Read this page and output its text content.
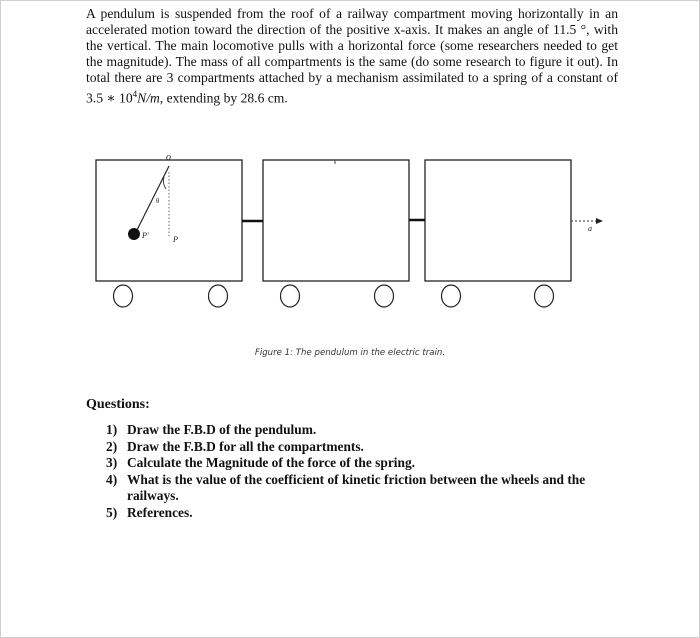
A pendulum is suspended from the roof of a railway compartment moving horizontally in an accelerated motion toward the direction of the positive x-axis. It makes an angle of 11.5 °, with the vertical. The main locomotive pulls with a horizontal force (some researchers needed to get the magnitude). The mass of all compartments is the same (do some research to figure it out). In total there are 3 compartments attached by a mechanism assimilated to a spring of a constant of 3.5 ∗ $10^4N/m$, extending by 28.6 cm.

o
θ
P'	P
a
Figure 1: The pendulum in the electric train.

Questions:

1) Draw the F.B.D of the pendulum.
2) Draw the F.B.D for all the compartments.
3) Calculate the Magnitude of the force of the spring.
4) What is the value of the coefficient of kinetic friction between the wheels and the railways.
5) References.
